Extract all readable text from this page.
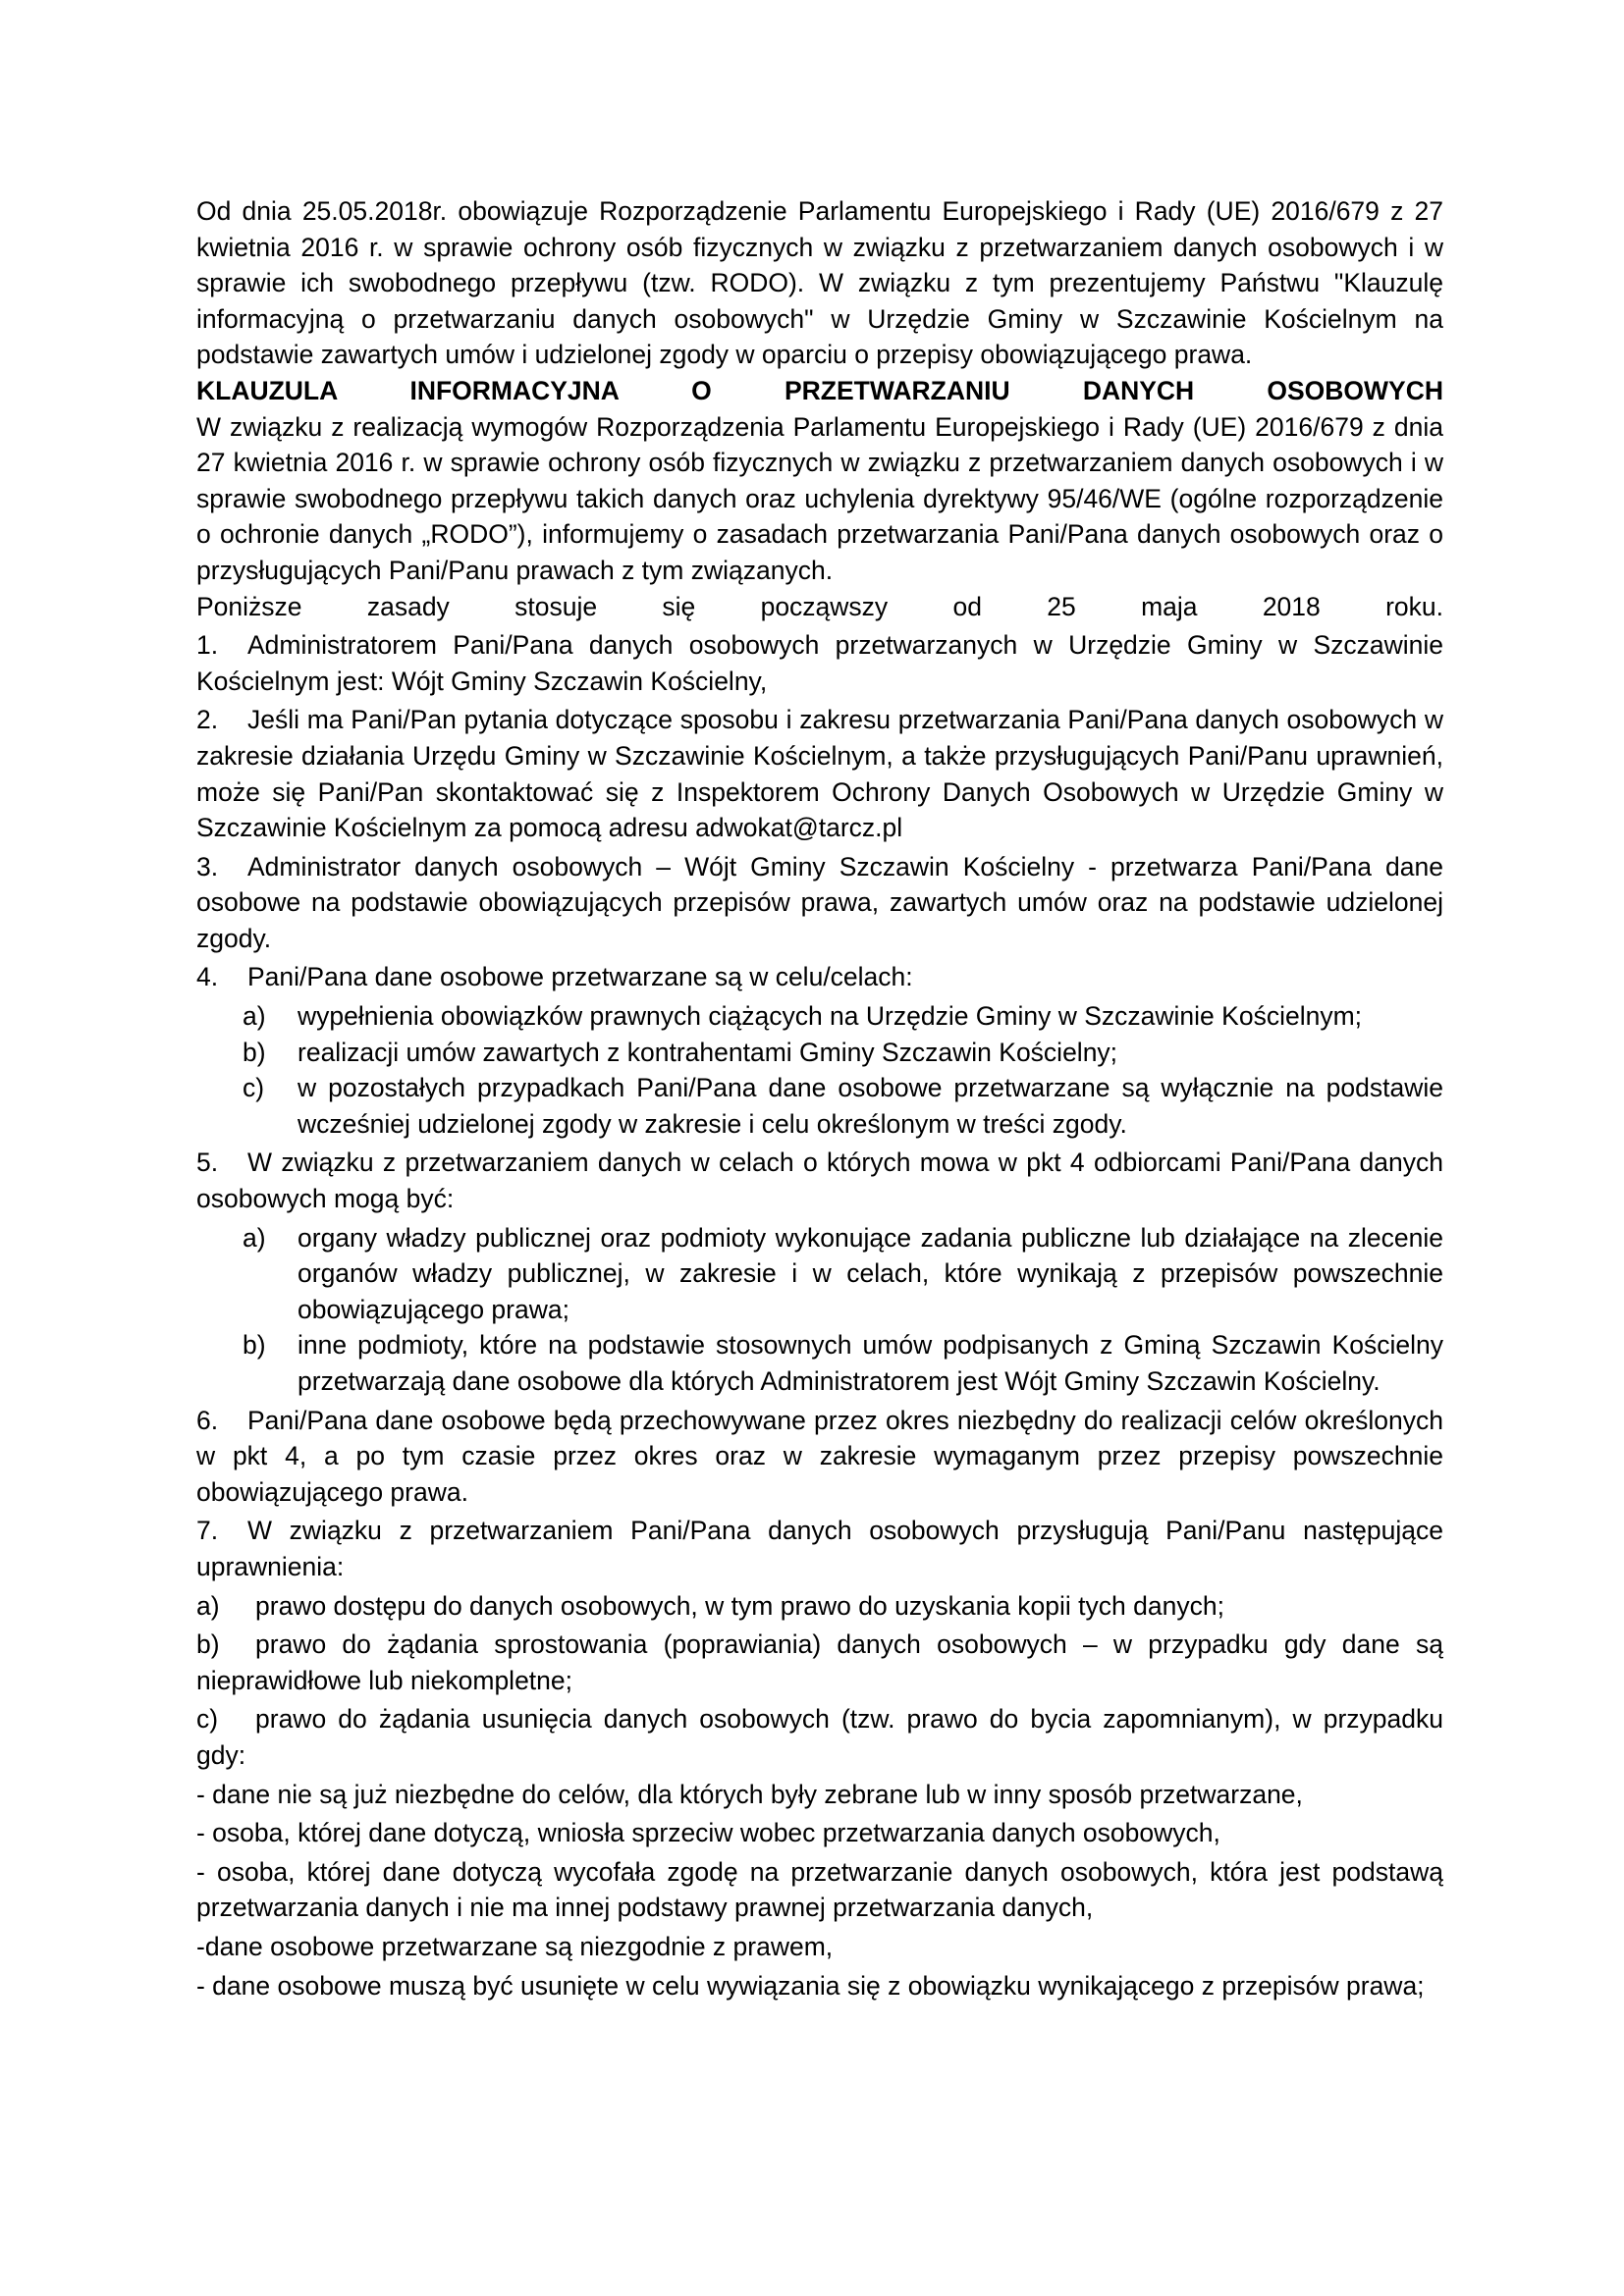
Od dnia 25.05.2018r. obowiązuje Rozporządzenie Parlamentu Europejskiego i Rady (UE) 2016/679 z 27 kwietnia 2016 r. w sprawie ochrony osób fizycznych w związku z przetwarzaniem danych osobowych i w sprawie ich swobodnego przepływu (tzw. RODO). W związku z tym prezentujemy Państwu "Klauzulę informacyjną o przetwarzaniu danych osobowych" w Urzędzie Gminy w Szczawinie Kościelnym na podstawie zawartych umów i udzielonej zgody w oparciu o przepisy obowiązującego prawa.

KLAUZULA INFORMACYJNA O PRZETWARZANIU DANYCH OSOBOWYCH

W związku z realizacją wymogów Rozporządzenia Parlamentu Europejskiego i Rady (UE) 2016/679 z dnia 27 kwietnia 2016 r. w sprawie ochrony osób fizycznych w związku z przetwarzaniem danych osobowych i w sprawie swobodnego przepływu takich danych oraz uchylenia dyrektywy 95/46/WE (ogólne rozporządzenie o ochronie danych „RODO”), informujemy o zasadach przetwarzania Pani/Pana danych osobowych oraz o przysługujących Pani/Panu prawach z tym związanych.

Poniższe zasady stosuje się począwszy od 25 maja 2018 roku.

1. Administratorem Pani/Pana danych osobowych przetwarzanych w Urzędzie Gminy w Szczawinie Kościelnym jest: Wójt Gminy Szczawin Kościelny,

2. Jeśli ma Pani/Pan pytania dotyczące sposobu i zakresu przetwarzania Pani/Pana danych osobowych w zakresie działania Urzędu Gminy w Szczawinie Kościelnym, a także przysługujących Pani/Panu uprawnień, może się Pani/Pan skontaktować się z Inspektorem Ochrony Danych Osobowych w Urzędzie Gminy w Szczawinie Kościelnym za pomocą adresu adwokat@tarcz.pl

3. Administrator danych osobowych – Wójt Gminy Szczawin Kościelny - przetwarza Pani/Pana dane osobowe na podstawie obowiązujących przepisów prawa, zawartych umów oraz na podstawie udzielonej zgody.

4. Pani/Pana dane osobowe przetwarzane są w celu/celach:

a) wypełnienia obowiązków prawnych ciążących na Urzędzie Gminy w Szczawinie Kościelnym;

b) realizacji umów zawartych z kontrahentami Gminy Szczawin Kościelny;

c) w pozostałych przypadkach Pani/Pana dane osobowe przetwarzane są wyłącznie na podstawie wcześniej udzielonej zgody w zakresie i celu określonym w treści zgody.

5. W związku z przetwarzaniem danych w celach o których mowa w pkt 4 odbiorcami Pani/Pana danych osobowych mogą być:

a) organy władzy publicznej oraz podmioty wykonujące zadania publiczne lub działające na zlecenie organów władzy publicznej, w zakresie i w celach, które wynikają z przepisów powszechnie obowiązującego prawa;

b) inne podmioty, które na podstawie stosownych umów podpisanych z Gminą Szczawin Kościelny przetwarzają dane osobowe dla których Administratorem jest Wójt Gminy Szczawin Kościelny.

6. Pani/Pana dane osobowe będą przechowywane przez okres niezbędny do realizacji celów określonych w pkt 4, a po tym czasie przez okres oraz w zakresie wymaganym przez przepisy powszechnie obowiązującego prawa.

7. W związku z przetwarzaniem Pani/Pana danych osobowych przysługują Pani/Panu następujące uprawnienia:

a) prawo dostępu do danych osobowych, w tym prawo do uzyskania kopii tych danych;

b) prawo do żądania sprostowania (poprawiania) danych osobowych – w przypadku gdy dane są nieprawidłowe lub niekompletne;

c) prawo do żądania usunięcia danych osobowych (tzw. prawo do bycia zapomnianym), w przypadku gdy:

- dane nie są już niezbędne do celów, dla których były zebrane lub w inny sposób przetwarzane,

- osoba, której dane dotyczą, wniosła sprzeciw wobec przetwarzania danych osobowych,

- osoba, której dane dotyczą wycofała zgodę na przetwarzanie danych osobowych, która jest podstawą przetwarzania danych i nie ma innej podstawy prawnej przetwarzania danych,

-dane osobowe przetwarzane są niezgodnie z prawem,

- dane osobowe muszą być usunięte w celu wywiązania się z obowiązku wynikającego z przepisów prawa;
